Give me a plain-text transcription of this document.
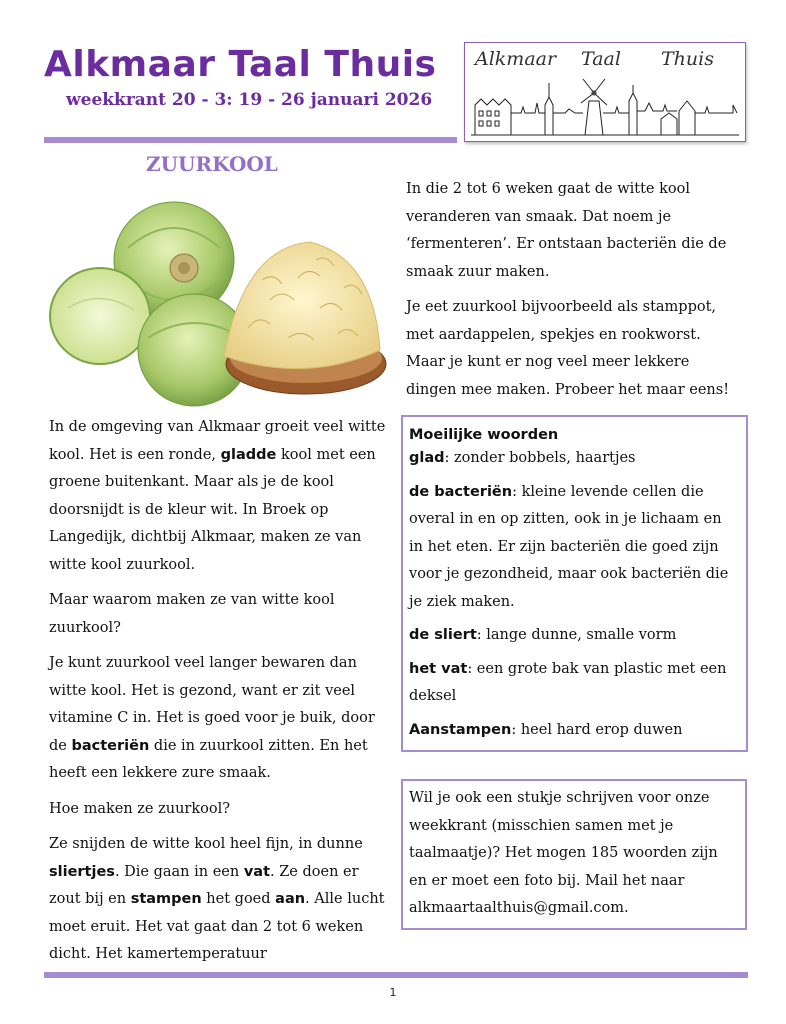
Alkmaar Taal Thuis
weekkrant 20 - 3: 19 - 26 januari 2026
Alkmaar Taal Thuis
ZUURKOOL

In de omgeving van Alkmaar groeit veel witte kool. Het is een ronde, gladde kool met een groene buitenkant. Maar als je de kool doorsnijdt is de kleur wit. In Broek op Langedijk, dichtbij Alkmaar, maken ze van witte kool zuurkool.

Maar waarom maken ze van witte kool zuurkool?

Je kunt zuurkool veel langer bewaren dan witte kool. Het is gezond, want er zit veel vitamine C in. Het is goed voor je buik, door de bacteriën die in zuurkool zitten. En het heeft een lekkere zure smaak.

Hoe maken ze zuurkool?

Ze snijden de witte kool heel fijn, in dunne sliertjes. Die gaan in een vat. Ze doen er zout bij en stampen het goed aan. Alle lucht moet eruit. Het vat gaat dan 2 tot 6 weken dicht. Het kamertemperatuur

In die 2 tot 6 weken gaat de witte kool veranderen van smaak. Dat noem je ‘fermenteren’. Er ontstaan bacteriën die de smaak zuur maken.

Je eet zuurkool bijvoorbeeld als stamppot, met aardappelen, spekjes en rookworst. Maar je kunt er nog veel meer lekkere dingen mee maken. Probeer het maar eens!

Moeilijke woorden

glad: zonder bobbels, haartjes

de bacteriën: kleine levende cellen die overal in en op zitten, ook in je lichaam en in het eten. Er zijn bacteriën die goed zijn voor je gezondheid, maar ook bacteriën die je ziek maken.

de sliert: lange dunne, smalle vorm

het vat: een grote bak van plastic met een deksel

Aanstampen: heel hard erop duwen

Wil je ook een stukje schrijven voor onze weekkrant (misschien samen met je taalmaatje)? Het mogen 185 woorden zijn en er moet een foto bij. Mail het naar alkmaartaalthuis@gmail.com.

1
